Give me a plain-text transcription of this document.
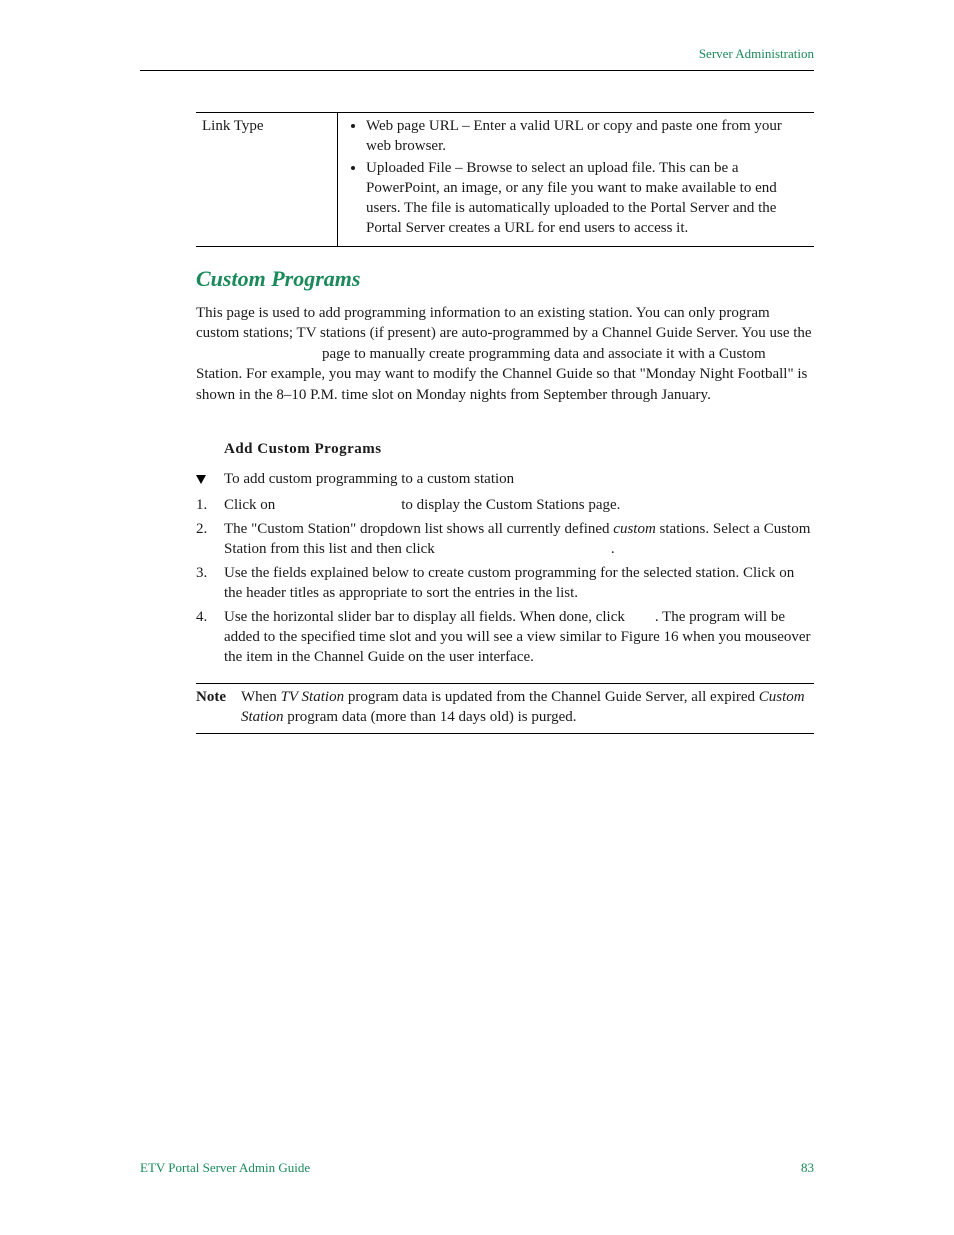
Server Administration
Link Type	
•Web page URL – Enter a valid URL or copy and paste one from your web browser.
• Uploaded File – Browse to select an upload file. This can be a PowerPoint, an image, or any file you want to make available to end users. The file is automatically uploaded to the Portal Server and the Portal Server creates a URL for end users to access it.
Custom Programs

This page is used to add programming information to an existing station. You can only program custom stations; TV stations (if present) are auto-programmed by a Channel Guide Server. You use thepage to manually create programming data and associate it with a Custom Station. For example, you may want to modify the Channel Guide so that "Monday Night Football" is shown in the 8–10 P.M. time slot on Monday nights from September through January.

Add Custom Programs
To add custom programming to a custom station
1. Click on	to display the Custom Stations page.
2. The "Custom Station" dropdown list shows all currently defined custom stations. Select a Custom Station from this list and then click	.
3. Use the fields explained below to create custom programming for the selected station. Click on the header titles as appropriate to sort the entries in the list.
4. Use the horizontal slider bar to display all fields. When done, click . The program will be added to the specified time slot and you will see a view similar to Figure 16 when you mouseover the item in the Channel Guide on the user interface.
Note	When TV Station program data is updated from the Channel Guide Server, all expired Custom Station program data (more than 14 days old) is purged.
ETV Portal Server Admin Guide	83
